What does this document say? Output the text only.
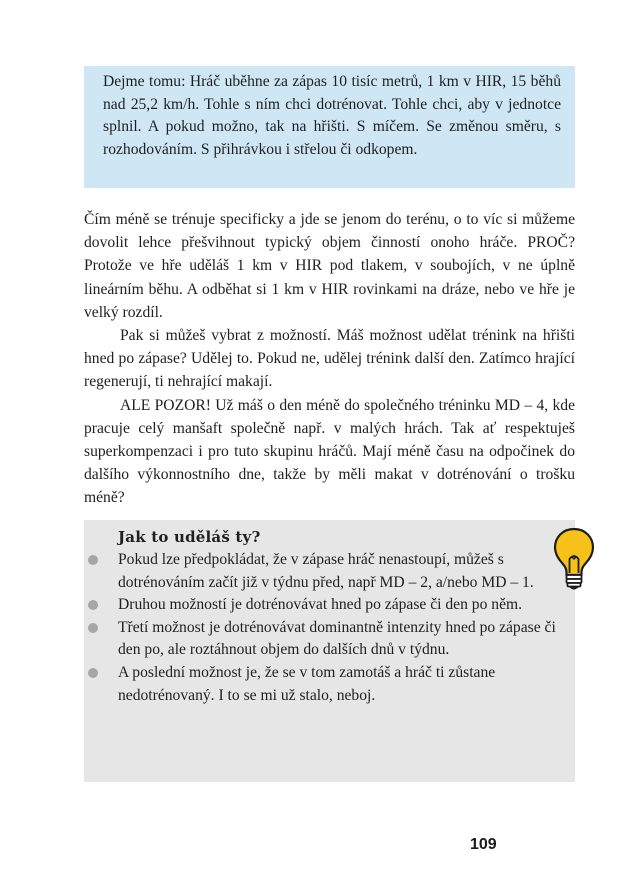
Dejme tomu: Hráč uběhne za zápas 10 tisíc metrů, 1 km v HIR, 15 běhů nad 25,2 km/h. Tohle s ním chci dotrénovat. Tohle chci, aby v jednotce splnil. A pokud možno, tak na hřišti. S míčem. Se změnou směru, s rozhodováním. S přihrávkou i střelou či odkopem.

Čím méně se trénuje specificky a jde se jenom do terénu, o to víc si můžeme dovolit lehce přešvihnout typický objem činností onoho hráče. PROČ? Protože ve hře uděláš 1 km v HIR pod tlakem, v soubojích, v ne úplně lineárním běhu. A odběhat si 1 km v HIR rovinkami na dráze, nebo ve hře je velký rozdíl.

Pak si můžeš vybrat z možností. Máš možnost udělat trénink na hřišti hned po zápase? Udělej to. Pokud ne, udělej trénink další den. Zatímco hrající regenerují, ti nehrající makají.

ALE POZOR! Už máš o den méně do společného tréninku MD – 4, kde pracuje celý manšaft společně např. v malých hrách. Tak ať respektuješ superkompenzaci i pro tuto skupinu hráčů. Mají méně času na odpočinek do dalšího výkonnostního dne, takže by měli makat v dotrénování o trošku méně?

Jak to uděláš ty?
Pokud lze předpokládat, že v zápase hráč nenastoupí, můžeš s dotrénováním začít již v týdnu před, např MD – 2, a/nebo MD – 1.
Druhou možností je dotrénovávat hned po zápase či den po něm.
Třetí možnost je dotrénovávat dominantně intenzity hned po zápase či den po, ale roztáhnout objem do dalších dnů v týdnu.
A poslední možnost je, že se v tom zamotáš a hráč ti zůstane nedotrénovaný. I to se mi už stalo, neboj.
109
